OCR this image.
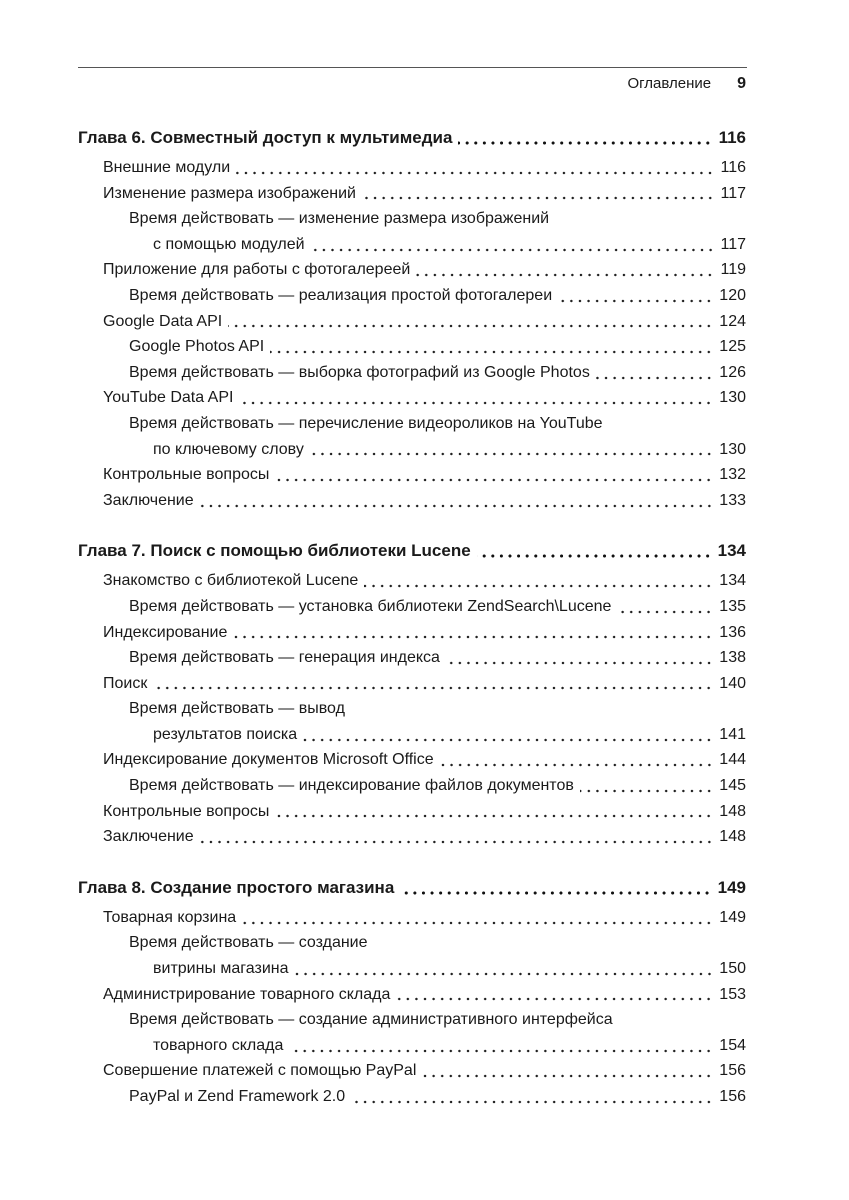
Оглавление 9
Глава 6. Совместный доступ к мультимедиа	116
Внешние модули	116
Изменение размера изображений	117
Время действовать — изменение размера изображений
с помощью модулей	117
Приложение для работы с фотогалереей	119
Время действовать — реализация простой фотогалереи	120
Google Data API	124
Google Photos API	125
Время действовать — выборка фотографий из Google Photos	126
YouTube Data API	130
Время действовать — перечисление видеороликов на YouTube
по ключевому слову	130
Контрольные вопросы	132
Заключение	133
Глава 7. Поиск с помощью библиотеки Lucene	134
Знакомство с библиотекой Lucene	134
Время действовать — установка библиотеки ZendSearch\Lucene	135
Индексирование	136
Время действовать — генерация индекса	138
Поиск	140
Время действовать — вывод
результатов поиска	141
Индексирование документов Microsoft Office	144
Время действовать — индексирование файлов документов	145
Контрольные вопросы	148
Заключение	148
Глава 8. Создание простого магазина	149
Товарная корзина	149
Время действовать — создание
витрины магазина	150
Администрирование товарного склада	153
Время действовать — создание административного интерфейса
товарного склада	154
Совершение платежей с помощью PayPal	156
PayPal и Zend Framework 2.0	156
